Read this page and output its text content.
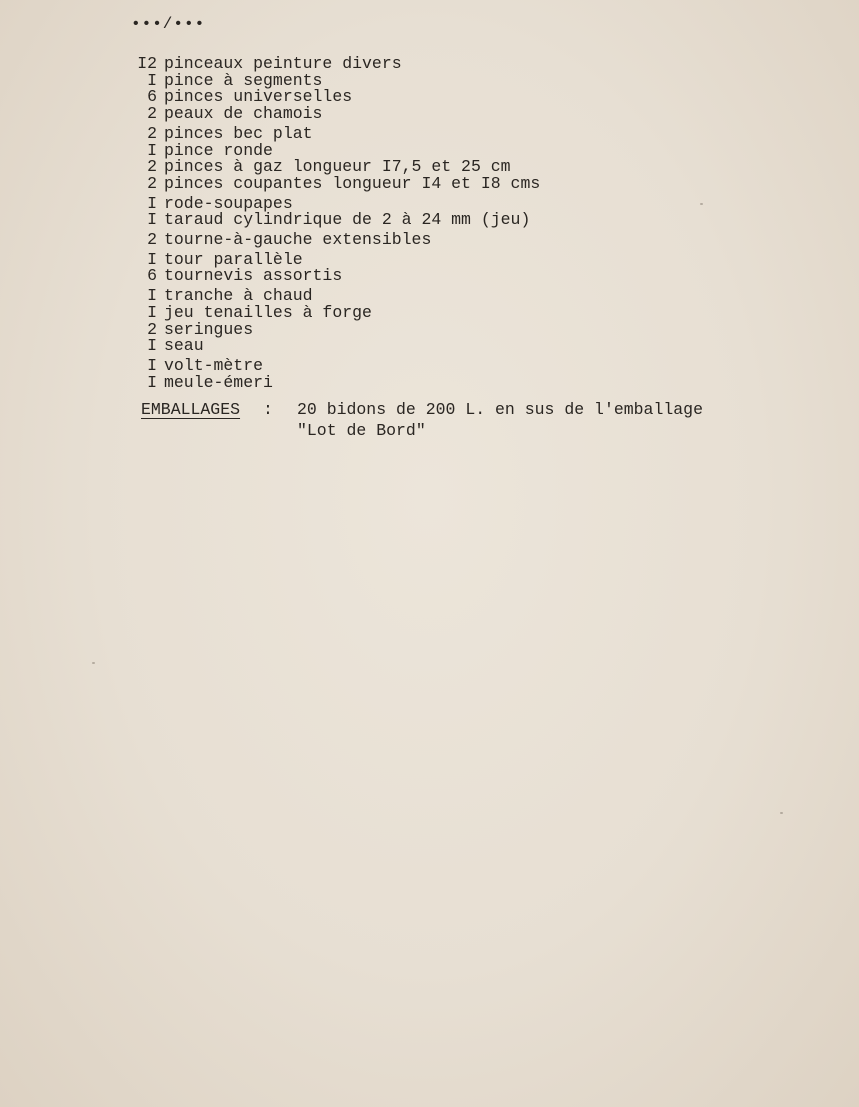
•••/•••
I2 pinceaux peinture divers
I pince à segments
6 pinces universelles
2 peaux de chamois
2 pinces bec plat
I pince ronde
2 pinces à gaz longueur I7,5 et 25 cm
2 pinces coupantes longueur I4 et I8 cms
I rode-soupapes
I taraud cylindrique de 2 à 24 mm (jeu)
2 tourne-à-gauche extensibles
I tour parallèle
6 tournevis assortis
I tranche à chaud
I jeu tenailles à forge
2 seringues
I seau
I volt-mètre
I meule-émeri
EMBALLAGES	:	20 bidons de 200 L. en sus de l'emballage
"Lot de Bord"
